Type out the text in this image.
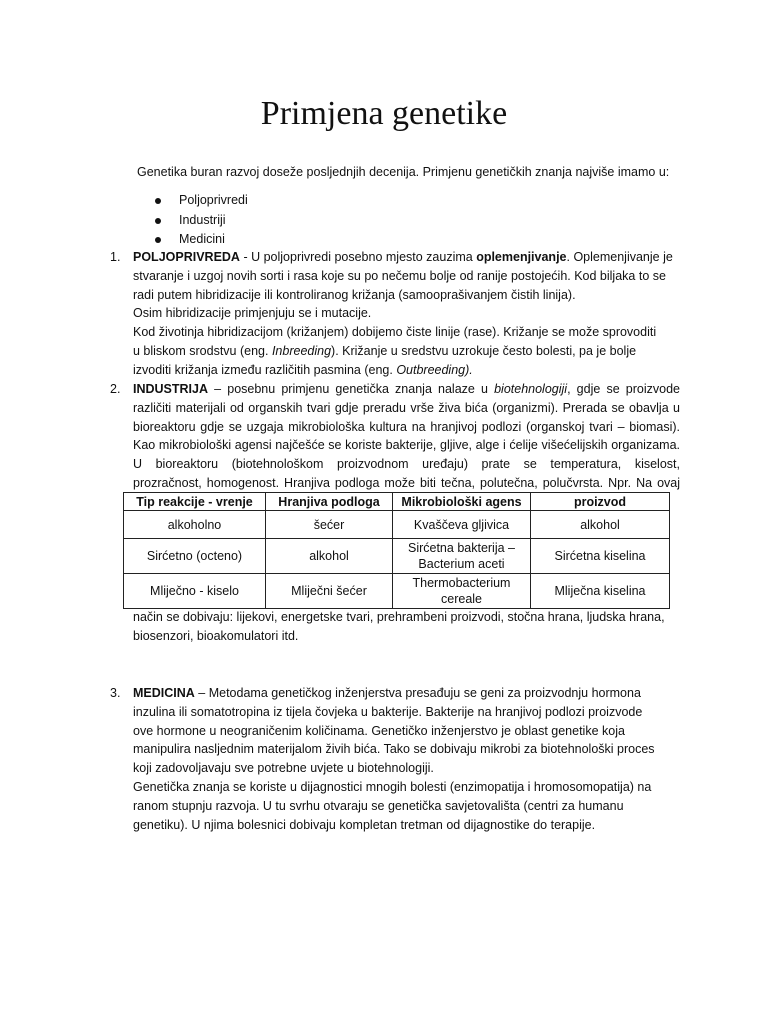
Primjena genetike
Genetika buran razvoj doseže posljednjih decenija. Primjenu genetičkih znanja najviše imamo u:
Poljoprivredi
Industriji
Medicini
1. POLJOPRIVREDA - U poljoprivredi posebno mjesto zauzima oplemenjivanje. Oplemenjivanje je
stvaranje i uzgoj novih sorti i rasa koje su po nečemu bolje od ranije postojećih. Kod biljaka to se
radi putem hibridizacije ili kontroliranog križanja (samooprašivanjem čistih linija).
Osim hibridizacije primjenjuju se i mutacije.
Kod životinja hibridizacijom (križanjem) dobijemo čiste linije (rase). Križanje se može sprovoditi
u bliskom srodstvu (eng. Inbreeding). Križanje u sredstvu uzrokuje često bolesti, pa je bolje
izvoditi križanja između različitih pasmina (eng. Outbreeding).
2. INDUSTRIJA – posebnu primjenu genetička znanja nalaze u biotehnologiji, gdje se proizvode
različiti materijali od organskih tvari gdje preradu vrše živa bića (organizmi). Prerada se obavlja u
bioreaktoru gdje se uzgaja mikrobiološka kultura na hranjivoj podlozi (organskoj tvari – biomasi).
Kao mikrobiološki agensi najčešće se koriste bakterije, gljive, alge i ćelije višećelijskih organizama.
U bioreaktoru (biotehnološkom proizvodnom uređaju) prate se temperatura, kiselost,
prozračnost, homogenost. Hranjiva podloga može biti tečna, polutečna, polučvrsta. Npr. Na ovaj
Tip reakcije - vrenje	Hranjiva podloga	Mikrobiološki agens	proizvod
alkoholno	šećer	Kvaščeva gljivica	alkohol
Sirćetno (octeno)	alkohol	Sirćetna bakterija – Bacterium aceti	Sirćetna kiselina
Mliječno - kiselo	Mliječni šećer	Thermobacterium cereale	Mliječna kiselina
način se dobivaju: lijekovi, energetske tvari, prehrambeni proizvodi, stočna hrana, ljudska hrana,
biosenzori, bioakomulatori itd.
3. MEDICINA – Metodama genetičkog inženjerstva presađuju se geni za proizvodnju hormona
inzulina ili somatotropina iz tijela čovjeka u bakterije. Bakterije na hranjivoj podlozi proizvode
ove hormone u neograničenim količinama. Genetičko inženjerstvo je oblast genetike koja
manipulira nasljednim materijalom živih bića. Tako se dobivaju mikrobi za biotehnološki proces
koji zadovoljavaju sve potrebne uvjete u biotehnologiji.
Genetička znanja se koriste u dijagnostici mnogih bolesti (enzimopatija i hromosomopatija) na
ranom stupnju razvoja. U tu svrhu otvaraju se genetička savjetovališta (centri za humanu
genetiku). U njima bolesnici dobivaju kompletan tretman od dijagnostike do terapije.
